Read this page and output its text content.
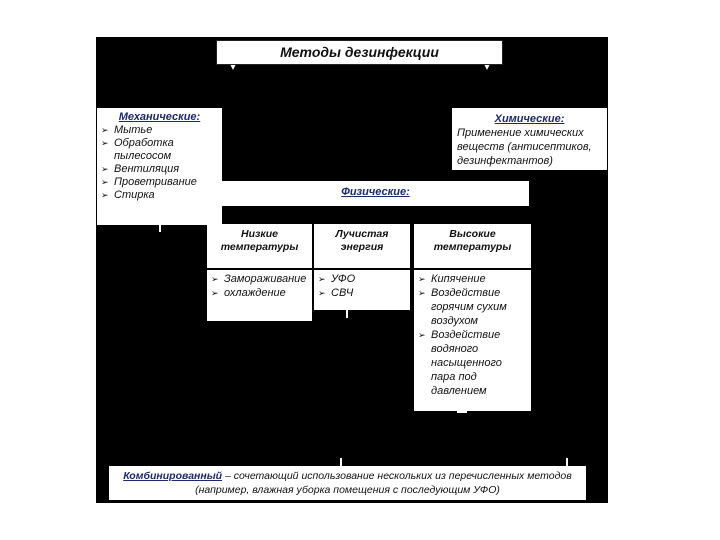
Методы дезинфекции
Механические:
➢ Мытье
➢ Обработка пылесосом
➢ Вентиляция
➢ Проветривание
➢ Стирка
Химические:
Применение химических веществ (антисептиков, дезинфектантов)
Физические:
Низкие температуры
Лучистая энергия
Высокие температуры
➢ Замораживание
➢ охлаждение
➢ УФО
➢ СВЧ
➢ Кипячение
➢ Воздействие горячим сухим воздухом
➢ Воздействие водяного насыщенного пара под давлением
Комбинированный – сочетающий использование нескольких из перечисленных методов (например, влажная уборка помещения с последующим УФО)
